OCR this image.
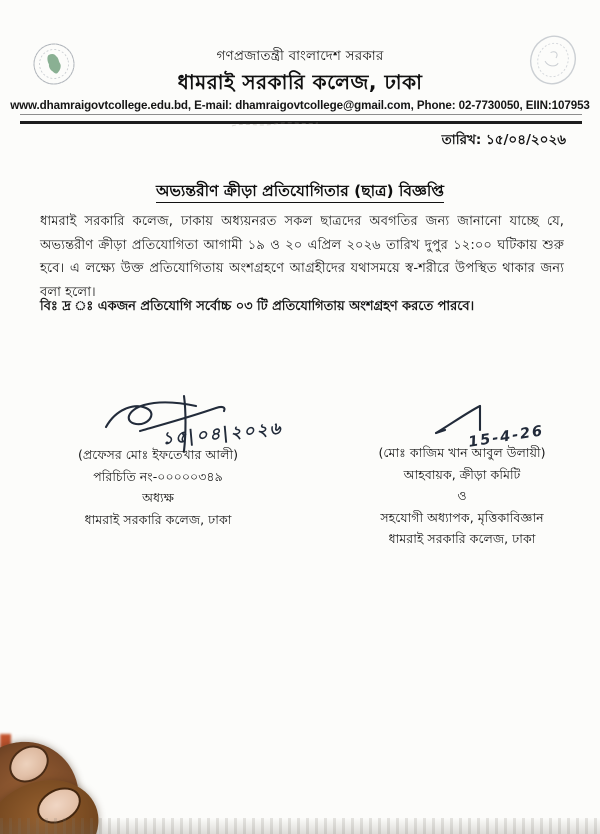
গণপ্রজাতন্ত্রী বাংলাদেশ সরকার
ধামরাই সরকারি কলেজ, ঢাকা
www.dhamraigovtcollege.edu.bd, E-mail: dhamraigovtcollege@gmail.com, Phone: 02-7730050, EIIN:107953
তারিখ: ১৫/০৪/২০২৬
অভ্যন্তরীণ ক্রীড়া প্রতিযোগিতার (ছাত্র) বিজ্ঞপ্তি
ধামরাই সরকারি কলেজ, ঢাকায় অধ্যয়নরত সকল ছাত্রদের অবগতির জন্য জানানো যাচ্ছে যে, অভ্যন্তরীণ ক্রীড়া প্রতিযোগিতা আগামী ১৯ ও ২০ এপ্রিল ২০২৬ তারিখ দুপুর ১২:০০ ঘটিকায় শুরু হবে। এ লক্ষ্যে উক্ত প্রতিযোগিতায় অংশগ্রহণে আগ্রহীদের যথাসময়ে স্ব-শরীরে উপস্থিত থাকার জন্য বলা হলো।
বিঃ দ্র ঃ একজন প্রতিযোগি সর্বোচ্চ ০৩ টি প্রতিযোগিতায় অংশগ্রহণ করতে পারবে।
১৫|০৪|২০২৬
(প্রফেসর মোঃ ইফতেখার আলী)
পরিচিতি নং-০০০০০৩৪৯
অধ্যক্ষ
ধামরাই সরকারি কলেজ, ঢাকা
15-4-26
(মোঃ কাজিম খান আবুল উলায়ী)
আহবায়ক, ক্রীড়া কমিটি
ও
সহযোগী অধ্যাপক, মৃত্তিকাবিজ্ঞান
ধামরাই সরকারি কলেজ, ঢাকা
